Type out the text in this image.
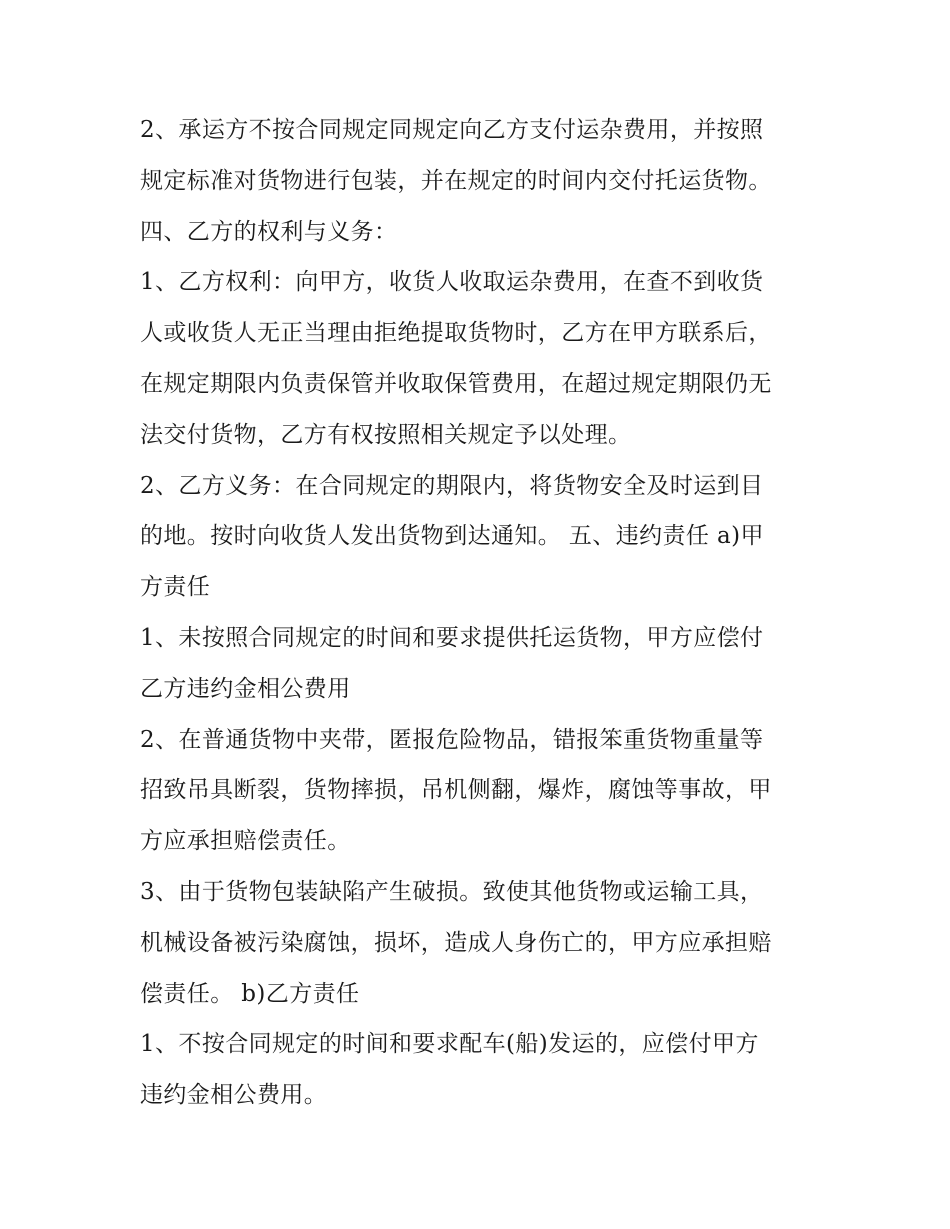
2、承运方不按合同规定同规定向乙方支付运杂费用，并按照
规定标准对货物进行包装，并在规定的时间内交付托运货物。
四、乙方的权利与义务：
1、乙方权利：向甲方，收货人收取运杂费用，在查不到收货
人或收货人无正当理由拒绝提取货物时，乙方在甲方联系后，
在规定期限内负责保管并收取保管费用，在超过规定期限仍无
法交付货物，乙方有权按照相关规定予以处理。
2、乙方义务：在合同规定的期限内，将货物安全及时运到目
的地。按时向收货人发出货物到达通知。 五、违约责任 a)甲
方责任
1、未按照合同规定的时间和要求提供托运货物，甲方应偿付
乙方违约金相公费用
2、在普通货物中夹带，匿报危险物品，错报笨重货物重量等
招致吊具断裂，货物摔损，吊机侧翻，爆炸，腐蚀等事故，甲
方应承担赔偿责任。
3、由于货物包装缺陷产生破损。致使其他货物或运输工具，
机械设备被污染腐蚀，损坏，造成人身伤亡的，甲方应承担赔
偿责任。 b)乙方责任
1、不按合同规定的时间和要求配车(船)发运的，应偿付甲方
违约金相公费用。
